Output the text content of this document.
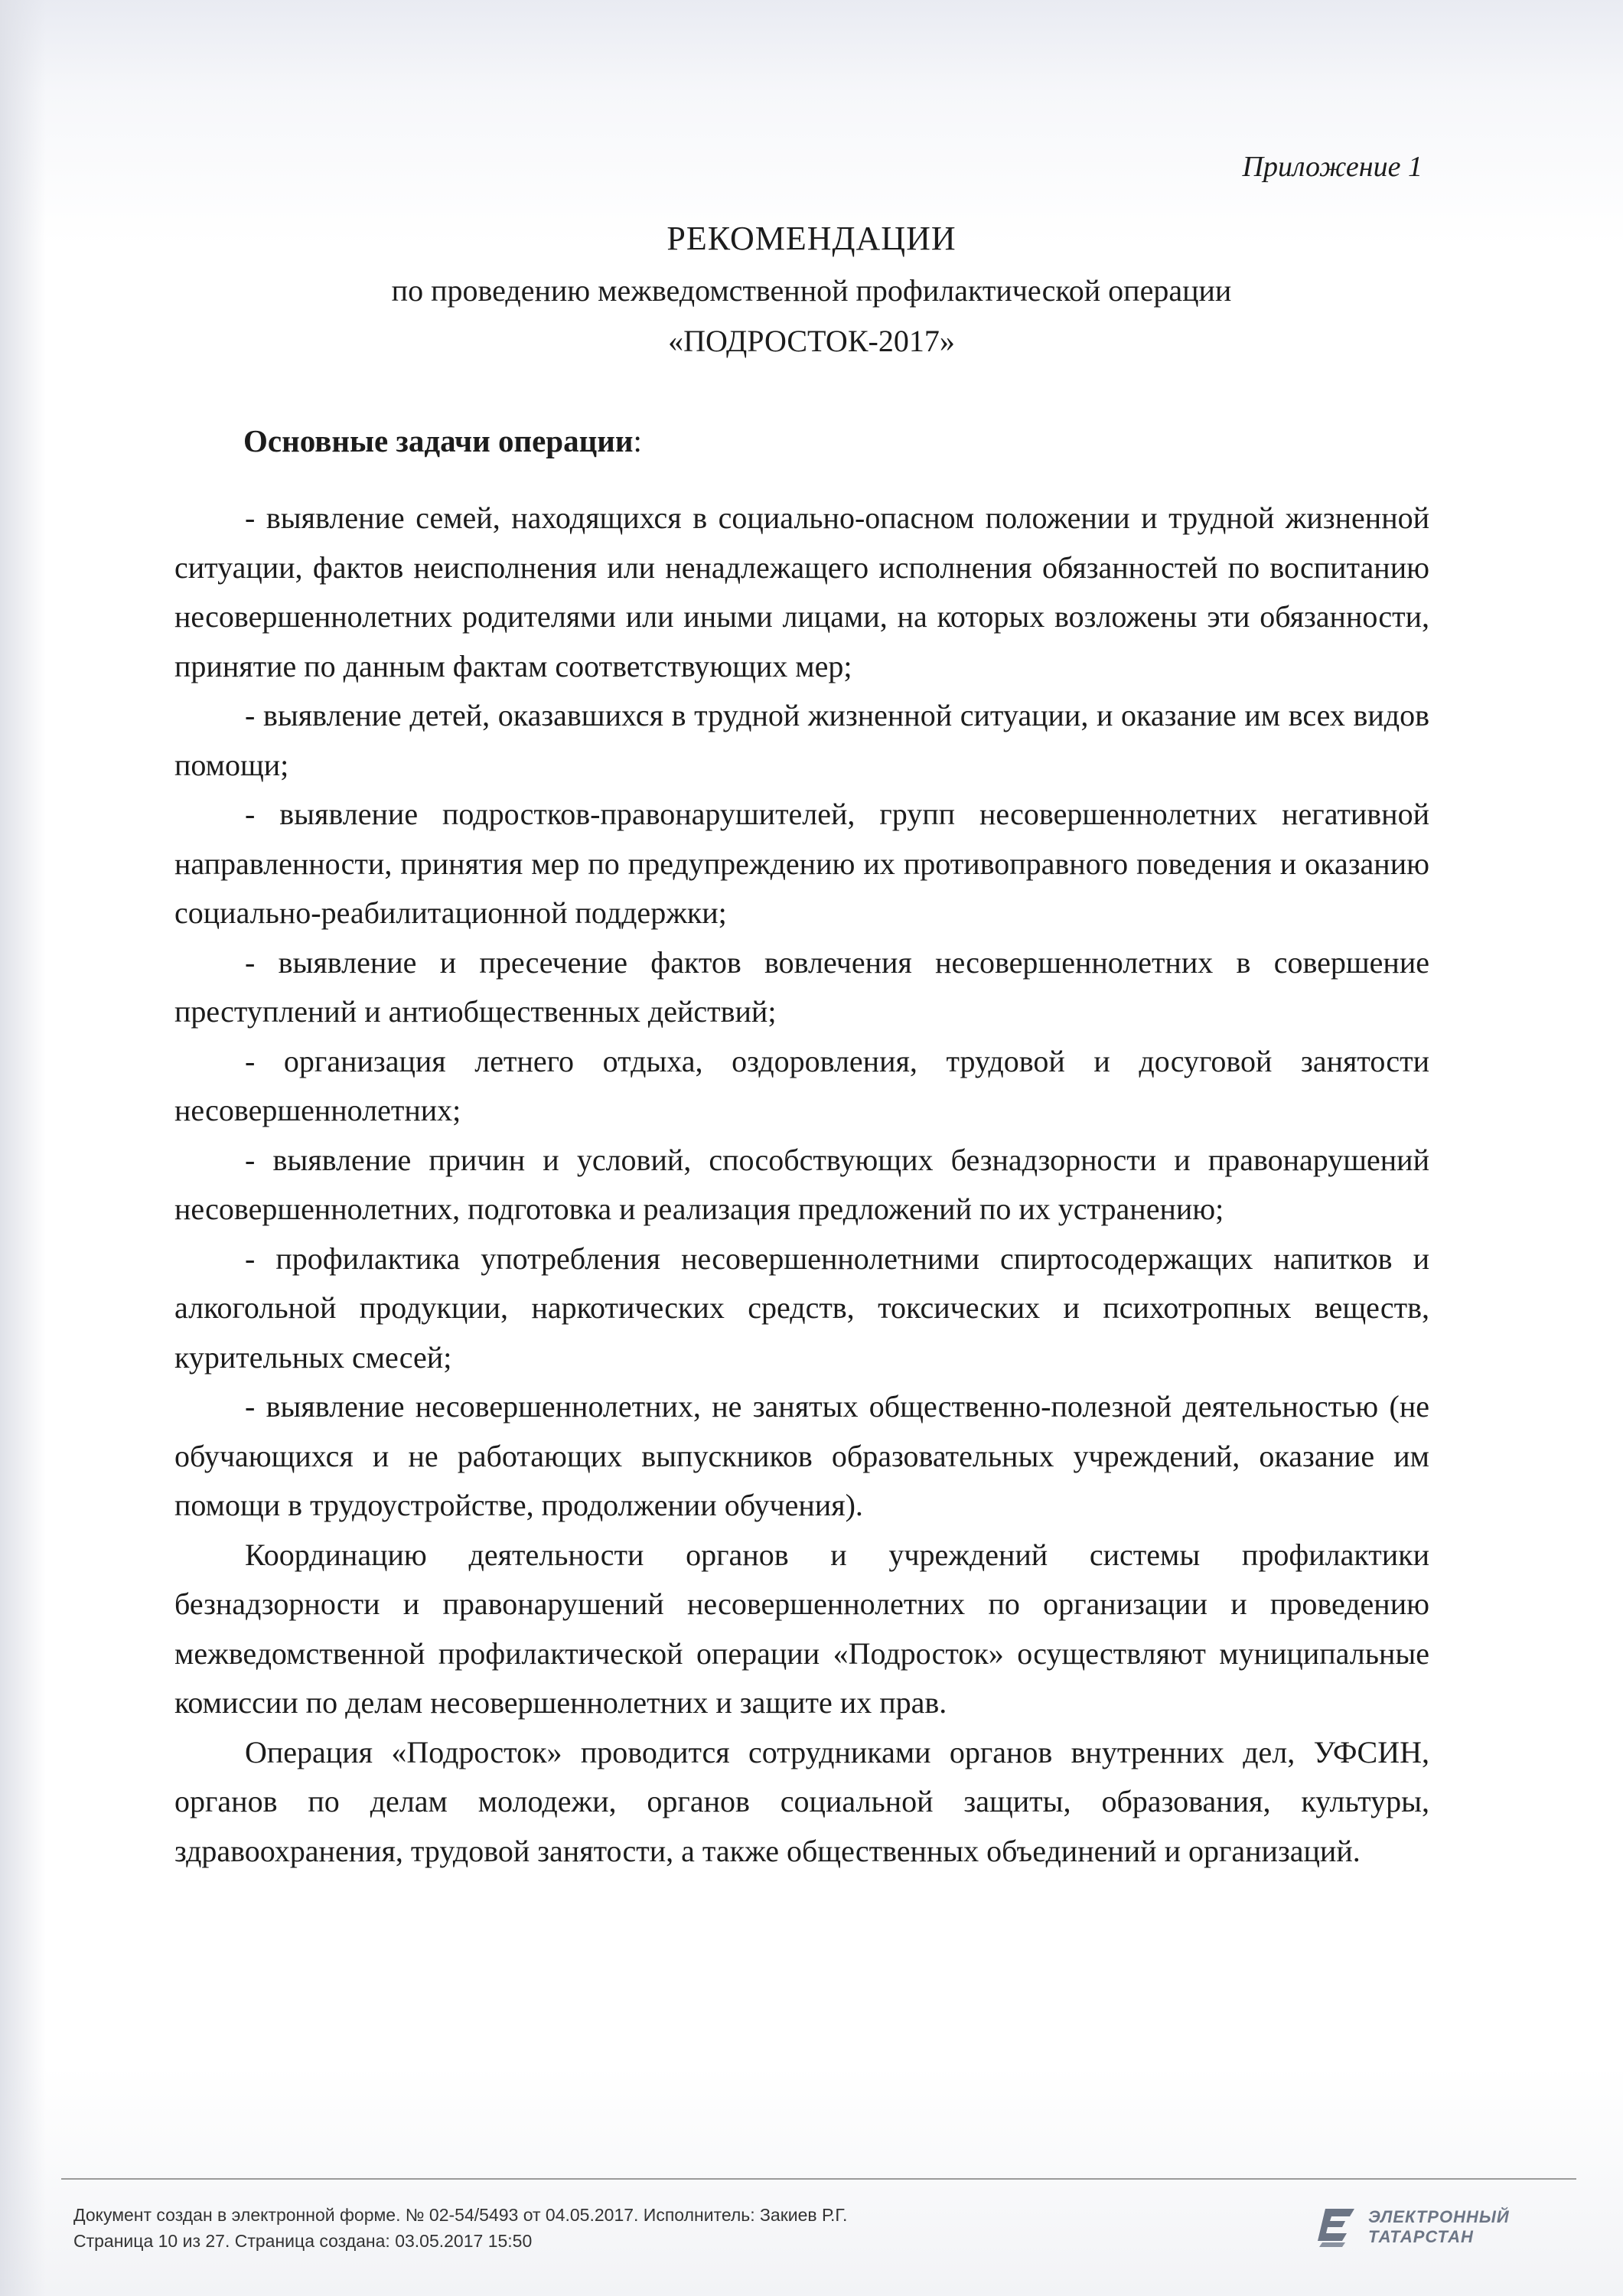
Приложение 1
РЕКОМЕНДАЦИИ
по проведению межведомственной профилактической операции
«ПОДРОСТОК-2017»
Основные задачи операции:

- выявление семей, находящихся в социально-опасном положении и трудной жизненной ситуации, фактов неисполнения или ненадлежащего исполнения обязанностей по воспитанию несовершеннолетних родителями или иными лицами, на которых возложены эти обязанности, принятие по данным фактам соответствующих мер;

- выявление детей, оказавшихся в трудной жизненной ситуации, и оказание им всех видов помощи;

- выявление подростков-правонарушителей, групп несовершеннолетних негативной направленности, принятия мер по предупреждению их противоправного поведения и оказанию социально-реабилитационной поддержки;

- выявление и пресечение фактов вовлечения несовершеннолетних в совершение преступлений и антиобщественных действий;

- организация летнего отдыха, оздоровления, трудовой и досуговой занятости несовершеннолетних;

- выявление причин и условий, способствующих безнадзорности и правонарушений несовершеннолетних, подготовка и реализация предложений по их устранению;

- профилактика употребления несовершеннолетними спиртосодержащих напитков и алкогольной продукции, наркотических средств, токсических и психотропных веществ, курительных смесей;

- выявление несовершеннолетних, не занятых общественно-полезной деятельностью (не обучающихся и не работающих выпускников образовательных учреждений, оказание им помощи в трудоустройстве, продолжении обучения).

Координацию деятельности органов и учреждений системы профилактики безнадзорности и правонарушений несовершеннолетних по организации и проведению межведомственной профилактической операции «Подросток» осуществляют муниципальные комиссии по делам несовершеннолетних и защите их прав.

Операция «Подросток» проводится сотрудниками органов внутренних дел, УФСИН, органов по делам молодежи, органов социальной защиты, образования, культуры, здравоохранения, трудовой занятости, а также общественных объединений и организаций.

Документ создан в электронной форме. № 02-54/5493 от 04.05.2017. Исполнитель: Закиев Р.Г.
Страница 10 из 27. Страница создана: 03.05.2017 15:50
ЭЛЕКТРОННЫЙ
ТАТАРСТАН
